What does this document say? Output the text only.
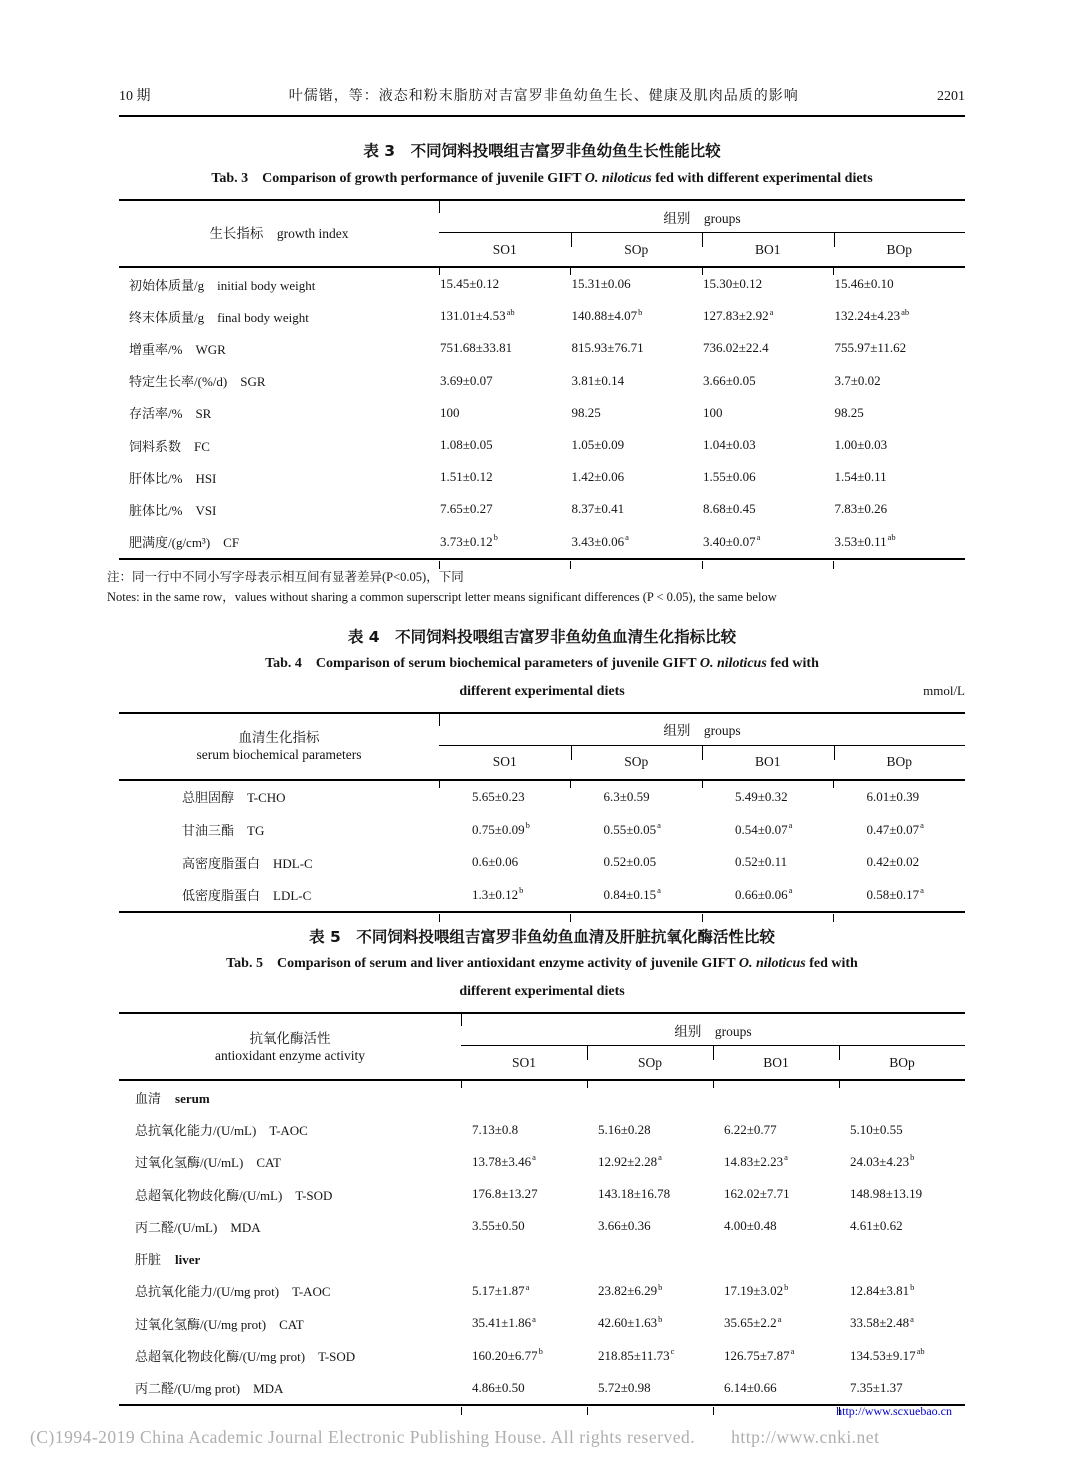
10 期	叶儒锴，等：液态和粉末脂肪对吉富罗非鱼幼鱼生长、健康及肌肉品质的影响	2201
表 3　不同饲料投喂组吉富罗非鱼幼鱼生长性能比较
Tab. 3　Comparison of growth performance of juvenile GIFT O. niloticus fed with different experimental diets
生长指标　growth index
组别　groups
SO1	SOp	BO1	BOp
初始体质量/g　initial body weight	15.45±0.12	15.31±0.06	15.30±0.12	15.46±0.10
终末体质量/g　final body weight	131.01±4.53$^{ab}$	140.88±4.07$^b$	127.83±2.92$^a$	132.24±4.23$^{ab}$
增重率/%　WGR	751.68±33.81	815.93±76.71	736.02±22.4	755.97±11.62
特定生长率/(%/d)　SGR	3.69±0.07	3.81±0.14	3.66±0.05	3.7±0.02
存活率/%　SR	100	98.25	100	98.25
饲料系数　FC	1.08±0.05	1.05±0.09	1.04±0.03	1.00±0.03
肝体比/%　HSI	1.51±0.12	1.42±0.06	1.55±0.06	1.54±0.11
脏体比/%　VSI	7.65±0.27	8.37±0.41	8.68±0.45	7.83±0.26
肥满度/(g/cm³)　CF	3.73±0.12$^b$	3.43±0.06$^a$	3.40±0.07$^a$	3.53±0.11$^{ab}$
注：同一行中不同小写字母表示相互间有显著差异(P<0.05)，下同
Notes: in the same row，values without sharing a common superscript letter means significant differences (P < 0.05), the same below
表 4　不同饲料投喂组吉富罗非鱼幼鱼血清生化指标比较
Tab. 4　Comparison of serum biochemical parameters of juvenile GIFT O. niloticus fed with
different experimental diets	mmol/L
血清生化指标
serum biochemical parameters
组别　groups
SO1	SOp	BO1	BOp
总胆固醇　T-CHO	5.65±0.23	6.3±0.59	5.49±0.32	6.01±0.39
甘油三酯　TG	0.75±0.09$^b$	0.55±0.05$^a$	0.54±0.07$^a$	0.47±0.07$^a$
高密度脂蛋白　HDL-C	0.6±0.06	0.52±0.05	0.52±0.11	0.42±0.02
低密度脂蛋白　LDL-C	1.3±0.12$^b$	0.84±0.15$^a$	0.66±0.06$^a$	0.58±0.17$^a$
表 5　不同饲料投喂组吉富罗非鱼幼鱼血清及肝脏抗氧化酶活性比较
Tab. 5　Comparison of serum and liver antioxidant enzyme activity of juvenile GIFT O. niloticus fed with
different experimental diets
抗氧化酶活性
antioxidant enzyme activity
组别　groups
SO1	SOp	BO1	BOp
血清 serum
总抗氧化能力/(U/mL)　T-AOC	7.13±0.8	5.16±0.28	6.22±0.77	5.10±0.55
过氧化氢酶/(U/mL)　CAT	13.78±3.46$^a$	12.92±2.28$^a$	14.83±2.23$^a$	24.03±4.23$^b$
总超氧化物歧化酶/(U/mL)　T-SOD	176.8±13.27	143.18±16.78	162.02±7.71	148.98±13.19
丙二醛/(U/mL)　MDA	3.55±0.50	3.66±0.36	4.00±0.48	4.61±0.62
肝脏 liver
总抗氧化能力/(U/mg prot)　T-AOC	5.17±1.87$^a$	23.82±6.29$^b$	17.19±3.02$^b$	12.84±3.81$^b$
过氧化氢酶/(U/mg prot)　CAT	35.41±1.86$^a$	42.60±1.63$^b$	35.65±2.2$^a$	33.58±2.48$^a$
总超氧化物歧化酶/(U/mg prot)　T-SOD	160.20±6.77$^b$	218.85±11.73$^c$	126.75±7.87$^a$	134.53±9.17$^{ab}$
丙二醛/(U/mg prot)　MDA	4.86±0.50	5.72±0.98	6.14±0.66	7.35±1.37
http://www.scxuebao.cn
(C)1994-2019 China Academic Journal Electronic Publishing House. All rights reserved.　　http://www.cnki.net
